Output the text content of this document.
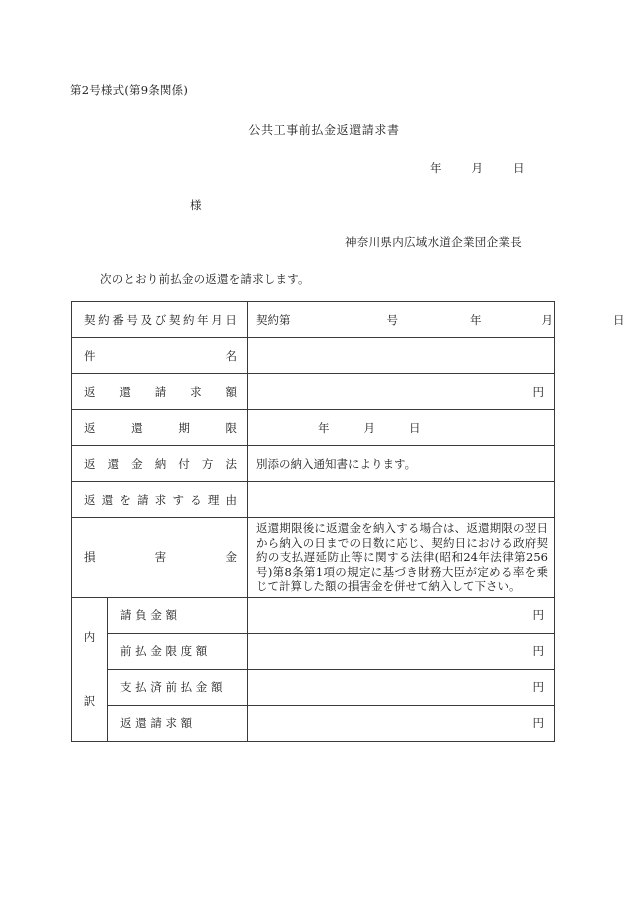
第2号様式(第9条関係)
公共工事前払金返還請求書
年	月	日
様
神奈川県内広域水道企業団企業長
次のとおり前払金の返還を請求します。
契 約 番 号 及 び 契 約 年 月 日	契約第	号	年	月	日

件 名		

返 還 請 求 額		円

返 還 期 限		年 月 日

返 還 金 納 付 方 法	別添の納入通知書によります。

返 還 を 請 求 す る 理 由

損 害 金		返還期限後に返還金を納入する場合は、返還期限の翌日から納入の日までの日数に応じ、契約日における政府契約の支払遅延防止等に関する法律(昭和24年法律第256号)第8条第1項の規定に基づき財務大臣が定める率を乗じて計算した額の損害金を併せて納入して下さい。

内
訳	請 負 金 額	円
	前 払 金 限 度 額	円
	支 払 済 前 払 金 額	円
	返 還 請 求 額	円
